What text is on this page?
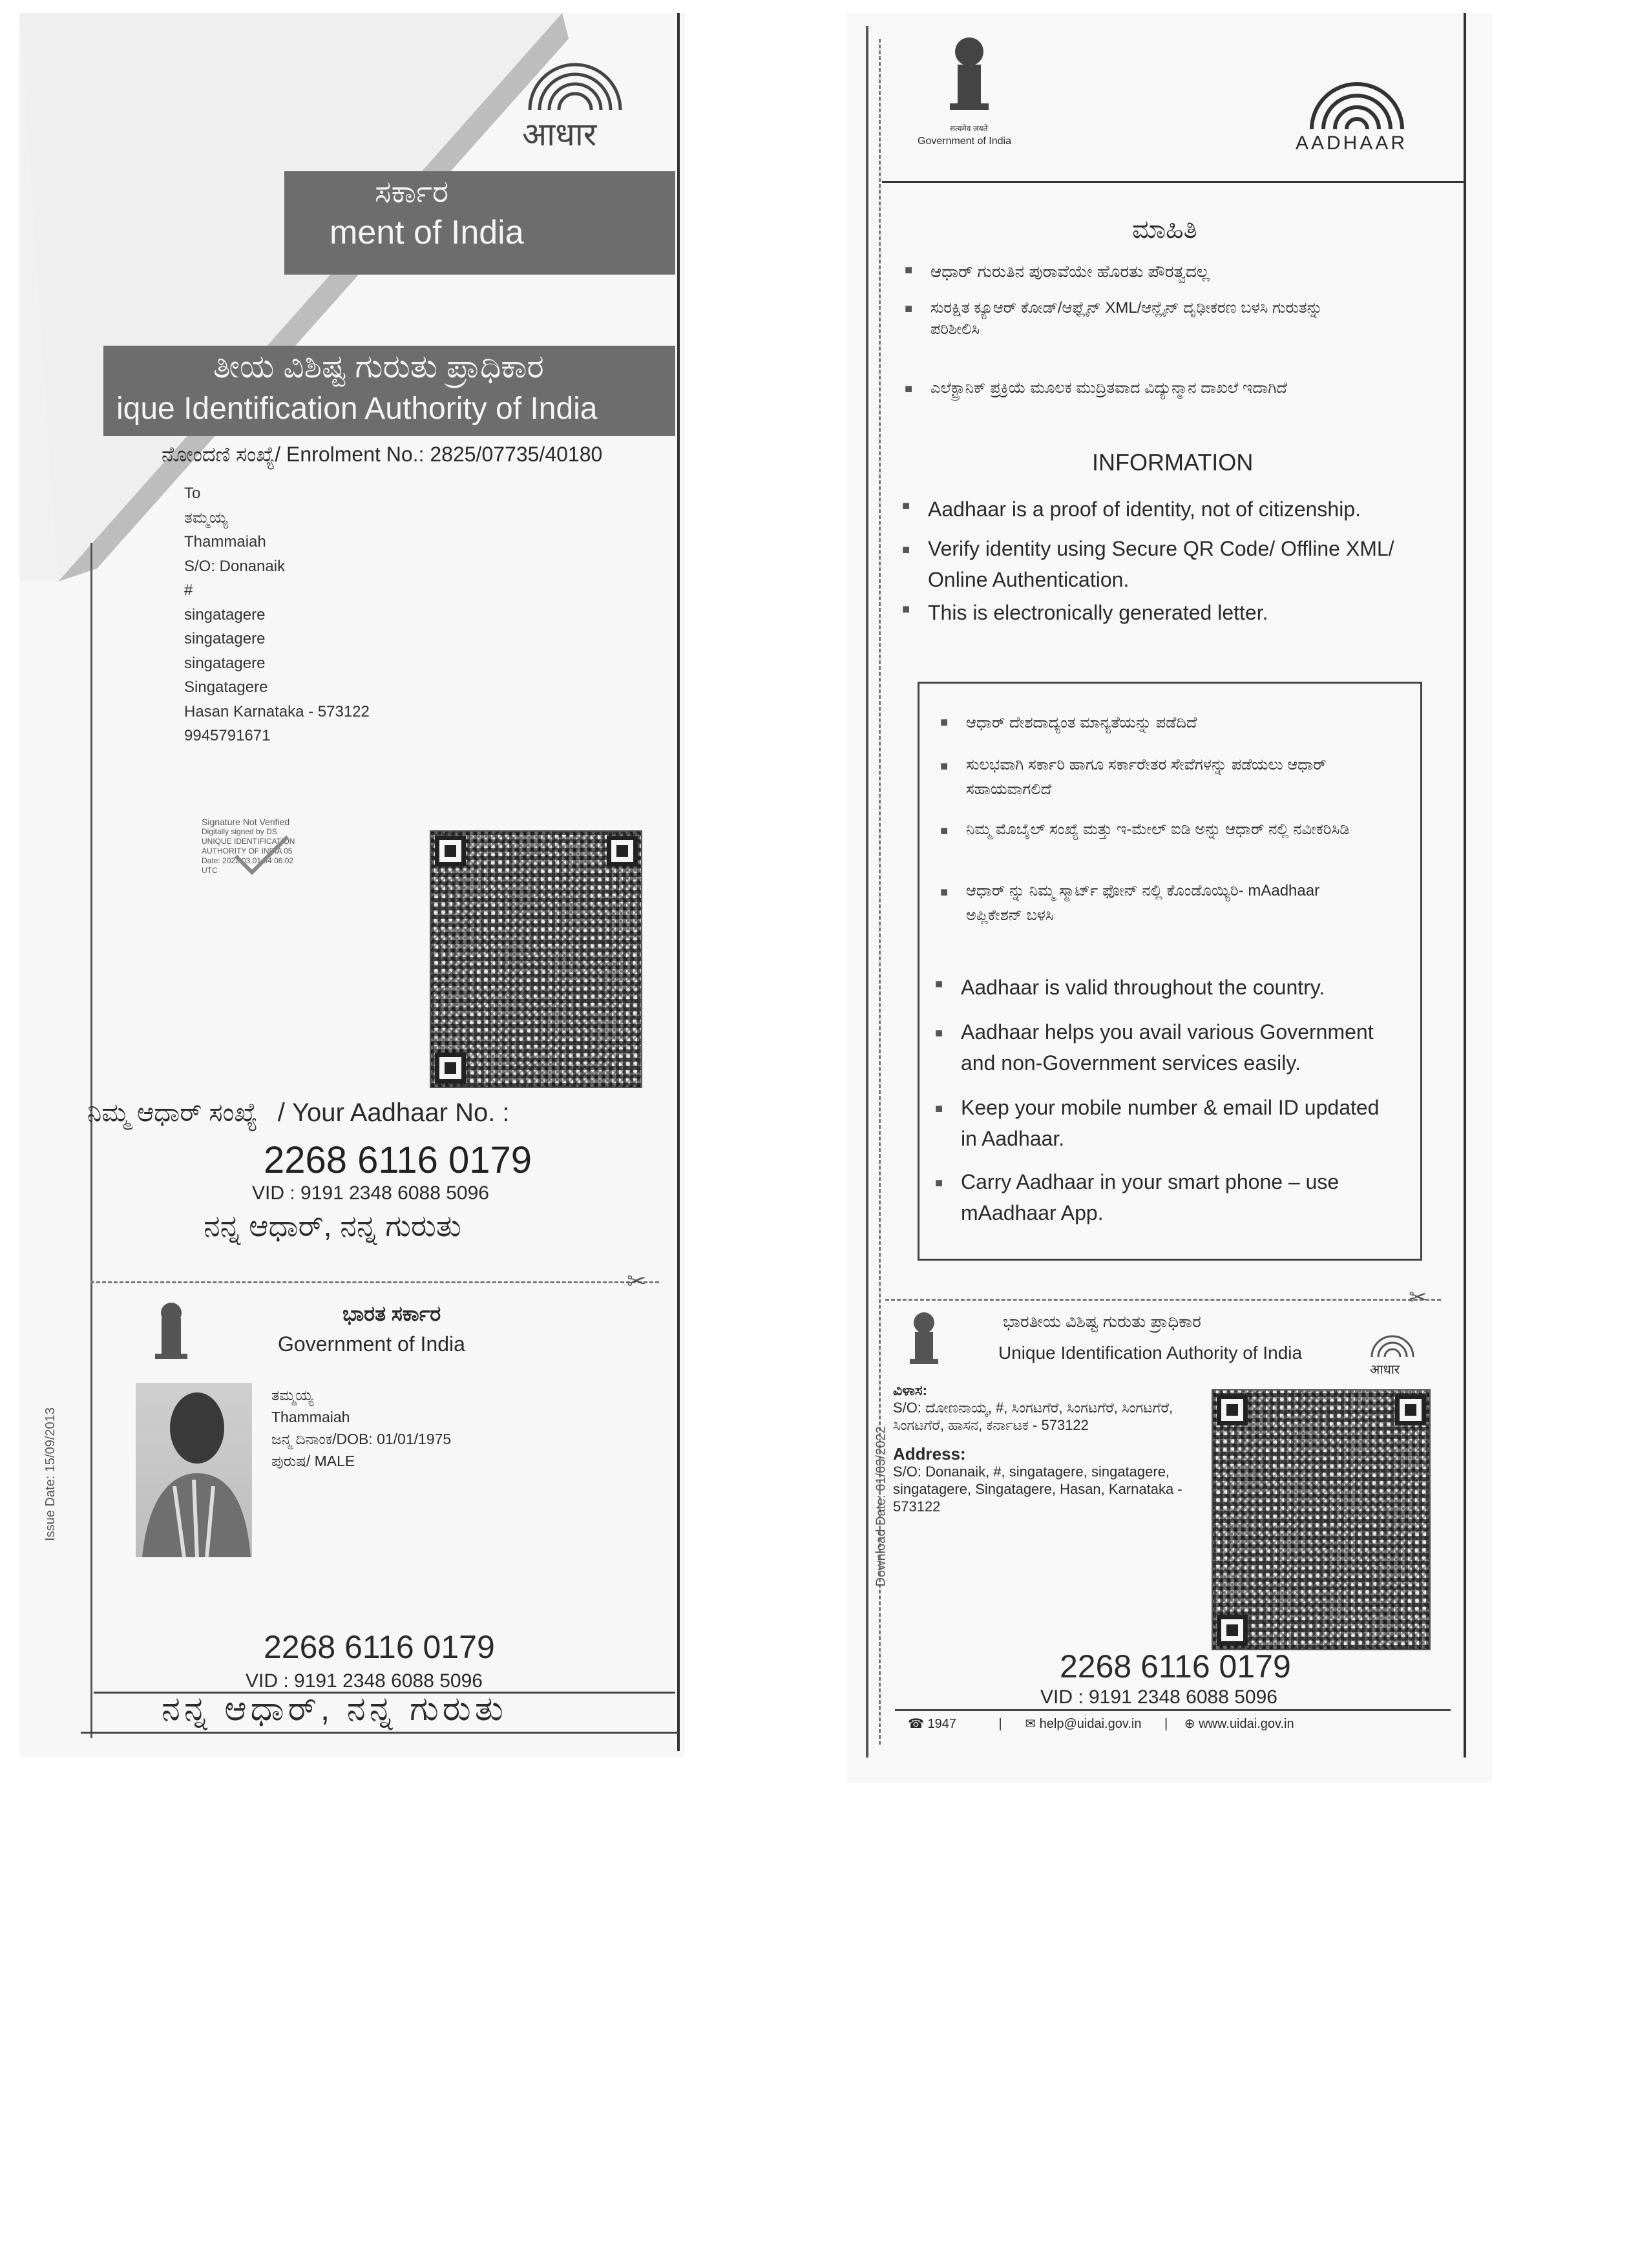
आधार
ಸರ್ಕಾರ
ment of India
ತೀಯ ವಿಶಿಷ್ಟ ಗುರುತು ಪ್ರಾಧಿಕಾರ
ique Identification Authority of India
ನೋಂದಣಿ ಸಂಖ್ಯೆ/ Enrolment No.: 2825/07735/40180
To
ತಮ್ಮಯ್ಯ
Thammaiah
S/O: Donanaik
#
singatagere
singatagere
singatagere
Singatagere
Hasan Karnataka - 573122
9945791671
Signature Not Verified
Digitally signed by DS
UNIQUE IDENTIFICATION
AUTHORITY OF INDIA 05
Date: 2022.03.01 04:06:02
UTC
ನಿಮ್ಮ ಆಧಾರ್ ಸಂಖ್ಯೆ / Your Aadhaar No. :
2268 6116 0179
VID : 9191 2348 6088 5096
ನನ್ನ ಆಧಾರ್, ನನ್ನ ಗುರುತು
✂
ಭಾರತ ಸರ್ಕಾರ
Government of India
ತಮ್ಮಯ್ಯ
Thammaiah
ಜನ್ಮ ದಿನಾಂಕ/DOB: 01/01/1975
ಪುರುಷ/ MALE
Issue Date: 15/09/2013
2268 6116 0179
VID : 9191 2348 6088 5096
ನನ್ನ ಆಧಾರ್, ನನ್ನ ಗುರುತು
सत्यमेव जयते
Government of India	AADHAAR
ಮಾಹಿತಿ
■ ಆಧಾರ್ ಗುರುತಿನ ಪುರಾವೆಯೇ ಹೊರತು ಪೌರತ್ವದಲ್ಲ
■ ಸುರಕ್ಷಿತ ಕ್ಯೂಆರ್ ಕೋಡ್/ಆಫ್ಲೈನ್ XML/ಆನ್ಲೈನ್ ದೃಢೀಕರಣ ಬಳಸಿ ಗುರುತನ್ನು ಪರಿಶೀಲಿಸಿ
■ ಎಲೆಕ್ಟ್ರಾನಿಕ್ ಪ್ರಕ್ರಿಯೆ ಮೂಲಕ ಮುದ್ರಿತವಾದ ವಿದ್ಯುನ್ಮಾನ ದಾಖಲೆ ಇದಾಗಿದೆ
INFORMATION
■ Aadhaar is a proof of identity, not of citizenship.
■ Verify identity using Secure QR Code/ Offline XML/ Online Authentication.
■ This is electronically generated letter.
■ ಆಧಾರ್ ದೇಶದಾದ್ಯಂತ ಮಾನ್ಯತೆಯನ್ನು ಪಡೆದಿದೆ
■ ಸುಲಭವಾಗಿ ಸರ್ಕಾರಿ ಹಾಗೂ ಸರ್ಕಾರೇತರ ಸೇವೆಗಳನ್ನು ಪಡೆಯಲು ಆಧಾರ್ ಸಹಾಯವಾಗಲಿದೆ
■ ನಿಮ್ಮ ಮೊಬೈಲ್ ಸಂಖ್ಯೆ ಮತ್ತು ಇ-ಮೇಲ್ ಐಡಿ ಅನ್ನು ಆಧಾರ್ ನಲ್ಲಿ ನವೀಕರಿಸಿಡಿ
■ ಆಧಾರ್ ನ್ನು ನಿಮ್ಮ ಸ್ಮಾರ್ಟ್ ಫೋನ್ ನಲ್ಲಿ ಕೊಂಡೊಯ್ಯಿರಿ- mAadhaar ಅಪ್ಲಿಕೇಶನ್ ಬಳಸಿ
■ Aadhaar is valid throughout the country.
■ Aadhaar helps you avail various Government and non-Government services easily.
■ Keep your mobile number & email ID updated in Aadhaar.
■ Carry Aadhaar in your smart phone – use mAadhaar App.
✂
ಭಾರತೀಯ ವಿಶಿಷ್ಟ ಗುರುತು ಪ್ರಾಧಿಕಾರ
Unique Identification Authority of India
आधार
Download Date: 01/03/2022
ವಿಳಾಸ:
S/O: ದೋಣನಾಯ್ಕ, #, ಸಿಂಗಟಗೆರೆ, ಸಿಂಗಟಗೆರೆ, ಸಿಂಗಟಗೆರೆ, ಸಿಂಗಟಗೆರೆ, ಹಾಸನ, ಕರ್ನಾಟಕ - 573122
Address:
S/O: Donanaik, #, singatagere, singatagere, singatagere, Singatagere, Hasan, Karnataka - 573122
2268 6116 0179
VID : 9191 2348 6088 5096
☎ 1947	| ✉ help@uidai.gov.in | ⊕ www.uidai.gov.in
